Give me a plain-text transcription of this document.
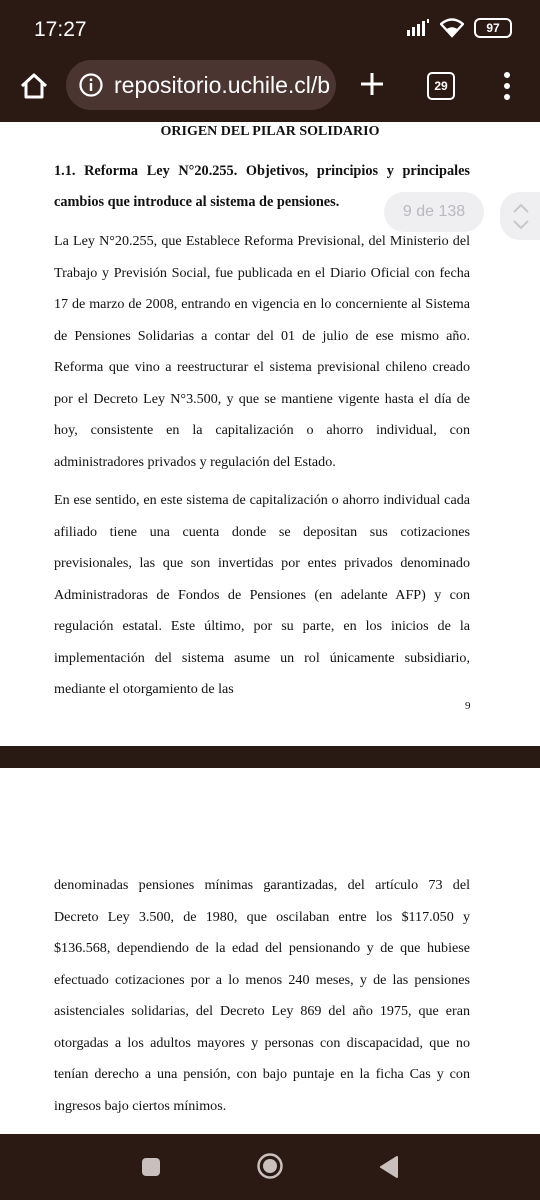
17:27	97
repositorio.uchile.cl/b	29
ORIGEN DEL PILAR SOLIDARIO
1.1. Reforma Ley N°20.255. Objetivos, principios y principales cambios que introduce al sistema de pensiones.
La Ley N°20.255, que Establece Reforma Previsional, del Ministerio del Trabajo y Previsión Social, fue publicada en el Diario Oficial con fecha 17 de marzo de 2008, entrando en vigencia en lo concerniente al Sistema de Pensiones Solidarias a contar del 01 de julio de ese mismo año. Reforma que vino a reestructurar el sistema previsional chileno creado por el Decreto Ley N°3.500, y que se mantiene vigente hasta el día de hoy, consistente en la capitalización o ahorro individual, con administradores privados y regulación del Estado.
En ese sentido, en este sistema de capitalización o ahorro individual cada afiliado tiene una cuenta donde se depositan sus cotizaciones previsionales, las que son invertidas por entes privados denominado Administradoras de Fondos de Pensiones (en adelante AFP) y con regulación estatal. Este último, por su parte, en los inicios de la implementación del sistema asume un rol únicamente subsidiario, mediante el otorgamiento de las
9
denominadas pensiones mínimas garantizadas, del artículo 73 del Decreto Ley 3.500, de 1980, que oscilaban entre los $117.050 y $136.568, dependiendo de la edad del pensionando y de que hubiese efectuado cotizaciones por a lo menos 240 meses, y de las pensiones asistenciales solidarias, del Decreto Ley 869 del año 1975, que eran otorgadas a los adultos mayores y personas con discapacidad, que no tenían derecho a una pensión, con bajo puntaje en la ficha Cas y con ingresos bajo ciertos mínimos.
9 de 138
